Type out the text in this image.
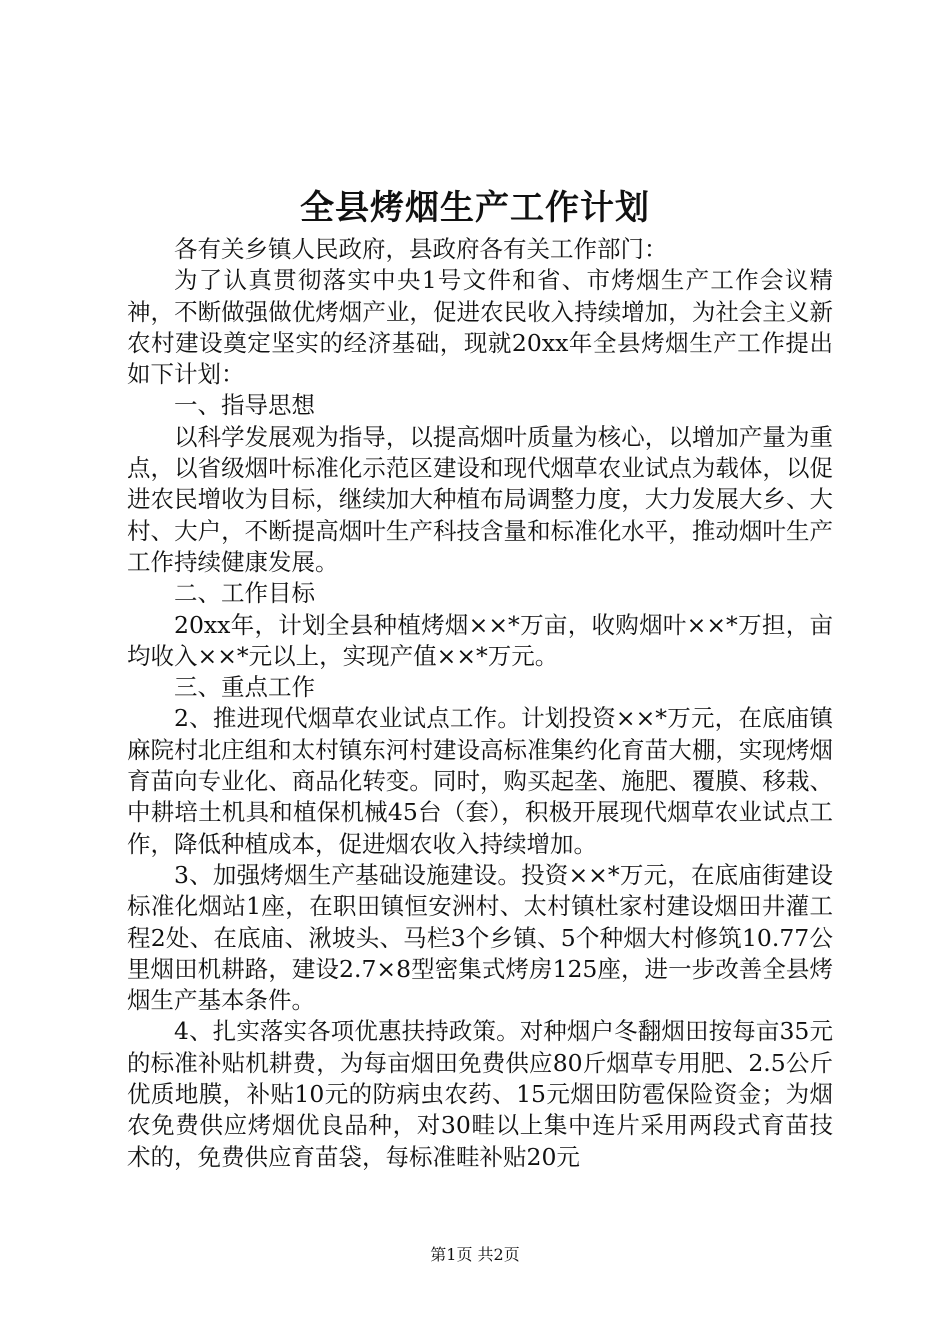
全县烤烟生产工作计划

各有关乡镇人民政府，县政府各有关工作部门：

为了认真贯彻落实中央1号文件和省、市烤烟生产工作会议精神，不断做强做优烤烟产业，促进农民收入持续增加，为社会主义新农村建设奠定坚实的经济基础，现就20xx年全县烤烟生产工作提出如下计划：

一、指导思想

以科学发展观为指导，以提高烟叶质量为核心，以增加产量为重点，以省级烟叶标准化示范区建设和现代烟草农业试点为载体，以促进农民增收为目标，继续加大种植布局调整力度，大力发展大乡、大村、大户，不断提高烟叶生产科技含量和标准化水平，推动烟叶生产工作持续健康发展。

二、工作目标

20xx年，计划全县种植烤烟××*万亩，收购烟叶××*万担，亩均收入××*元以上，实现产值××*万元。

三、重点工作

2、推进现代烟草农业试点工作。计划投资××*万元，在底庙镇麻院村北庄组和太村镇东河村建设高标准集约化育苗大棚，实现烤烟育苗向专业化、商品化转变。同时，购买起垄、施肥、覆膜、移栽、中耕培土机具和植保机械45台（套），积极开展现代烟草农业试点工作，降低种植成本，促进烟农收入持续增加。

3、加强烤烟生产基础设施建设。投资××*万元，在底庙街建设标准化烟站1座，在职田镇恒安洲村、太村镇杜家村建设烟田井灌工程2处、在底庙、湫坡头、马栏3个乡镇、5个种烟大村修筑10.77公里烟田机耕路，建设2.7×8型密集式烤房125座，进一步改善全县烤烟生产基本条件。

4、扎实落实各项优惠扶持政策。对种烟户冬翻烟田按每亩35元的标准补贴机耕费，为每亩烟田免费供应80斤烟草专用肥、2.5公斤优质地膜，补贴10元的防病虫农药、15元烟田防雹保险资金；为烟农免费供应烤烟优良品种，对30畦以上集中连片采用两段式育苗技术的，免费供应育苗袋，每标准畦补贴20元

第1页 共2页
